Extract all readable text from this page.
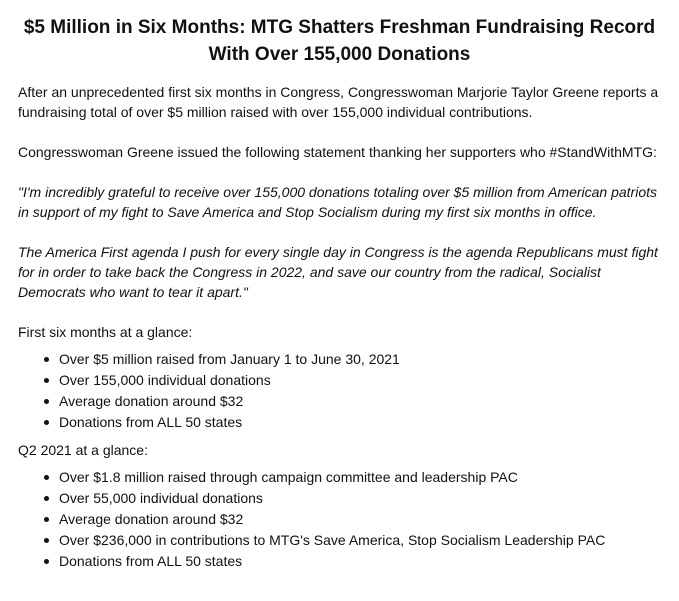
$5 Million in Six Months: MTG Shatters Freshman Fundraising Record With Over 155,000 Donations

After an unprecedented first six months in Congress, Congresswoman Marjorie Taylor Greene reports a fundraising total of over $5 million raised with over 155,000 individual contributions.

Congresswoman Greene issued the following statement thanking her supporters who #StandWithMTG:

"I'm incredibly grateful to receive over 155,000 donations totaling over $5 million from American patriots in support of my fight to Save America and Stop Socialism during my first six months in office.

The America First agenda I push for every single day in Congress is the agenda Republicans must fight for in order to take back the Congress in 2022, and save our country from the radical, Socialist Democrats who want to tear it apart."

First six months at a glance:
Over $5 million raised from January 1 to June 30, 2021
Over 155,000 individual donations
Average donation around $32
Donations from ALL 50 states
Q2 2021 at a glance:
Over $1.8 million raised through campaign committee and leadership PAC
Over 55,000 individual donations
Average donation around $32
Over $236,000 in contributions to MTG's Save America, Stop Socialism Leadership PAC
Donations from ALL 50 states
